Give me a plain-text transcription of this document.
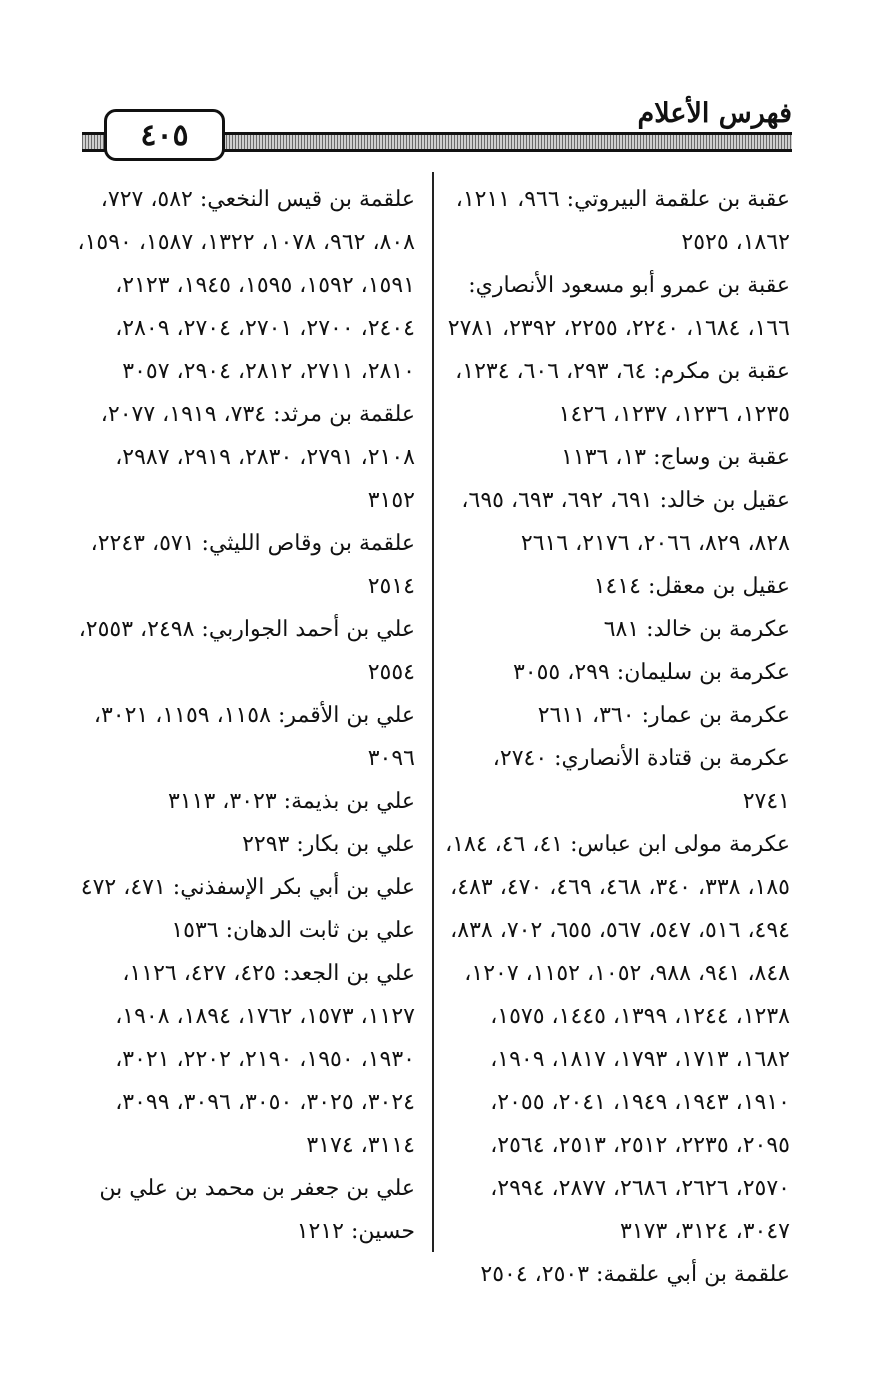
٤٠٥
فهرس الأعلام

عقبة بن علقمة البيروتي: ٩٦٦، ١٢١١، ١٨٦٢، ٢٥٢٥

عقبة بن عمرو أبو مسعود الأنصاري: ١٦٦، ١٦٨٤، ٢٢٤٠، ٢٢٥٥، ٢٣٩٢، ٢٧٨١

عقبة بن مكرم: ٦٤، ٢٩٣، ٦٠٦، ١٢٣٤، ١٢٣٥، ١٢٣٦، ١٢٣٧، ١٤٢٦

عقبة بن وساج: ١٣، ١١٣٦

عقيل بن خالد: ٦٩١، ٦٩٢، ٦٩٣، ٦٩٥، ٨٢٨، ٨٢٩، ٢٠٦٦، ٢١٧٦، ٢٦١٦

عقيل بن معقل: ١٤١٤

عكرمة بن خالد: ٦٨١

عكرمة بن سليمان: ٢٩٩، ٣٠٥٥

عكرمة بن عمار: ٣٦٠، ٢٦١١

عكرمة بن قتادة الأنصاري: ٢٧٤٠، ٢٧٤١

عكرمة مولى ابن عباس: ٤١، ٤٦، ١٨٤، ١٨٥، ٣٣٨، ٣٤٠، ٤٦٨، ٤٦٩، ٤٧٠، ٤٨٣، ٤٩٤، ٥١٦، ٥٤٧، ٥٦٧، ٦٥٥، ٧٠٢، ٨٣٨، ٨٤٨، ٩٤١، ٩٨٨، ١٠٥٢، ١١٥٢، ١٢٠٧، ١٢٣٨، ١٢٤٤، ١٣٩٩، ١٤٤٥، ١٥٧٥، ١٦٨٢، ١٧١٣، ١٧٩٣، ١٨١٧، ١٩٠٩، ١٩١٠، ١٩٤٣، ١٩٤٩، ٢٠٤١، ٢٠٥٥، ٢٠٩٥، ٢٢٣٥، ٢٥١٢، ٢٥١٣، ٢٥٦٤، ٢٥٧٠، ٢٦٢٦، ٢٦٨٦، ٢٨٧٧، ٢٩٩٤، ٣٠٤٧، ٣١٢٤، ٣١٧٣

علقمة بن أبي علقمة: ٢٥٠٣، ٢٥٠٤

علقمة بن قيس النخعي: ٥٨٢، ٧٢٧، ٨٠٨، ٩٦٢، ١٠٧٨، ١٣٢٢، ١٥٨٧، ١٥٩٠، ١٥٩١، ١٥٩٢، ١٥٩٥، ١٩٤٥، ٢١٢٣، ٢٤٠٤، ٢٧٠٠، ٢٧٠١، ٢٧٠٤، ٢٨٠٩، ٢٨١٠، ٢٧١١، ٢٨١٢، ٢٩٠٤، ٣٠٥٧

علقمة بن مرثد: ٧٣٤، ١٩١٩، ٢٠٧٧، ٢١٠٨، ٢٧٩١، ٢٨٣٠، ٢٩١٩، ٢٩٨٧، ٣١٥٢

علقمة بن وقاص الليثي: ٥٧١، ٢٢٤٣، ٢٥١٤

علي بن أحمد الجواربي: ٢٤٩٨، ٢٥٥٣، ٢٥٥٤

علي بن الأقمر: ١١٥٨، ١١٥٩، ٣٠٢١، ٣٠٩٦

علي بن بذيمة: ٣٠٢٣، ٣١١٣

علي بن بكار: ٢٢٩٣

علي بن أبي بكر الإسفذني: ٤٧١، ٤٧٢

علي بن ثابت الدهان: ١٥٣٦

علي بن الجعد: ٤٢٥، ٤٢٧، ١١٢٦، ١١٢٧، ١٥٧٣، ١٧٦٢، ١٨٩٤، ١٩٠٨، ١٩٣٠، ١٩٥٠، ٢١٩٠، ٢٢٠٢، ٣٠٢١، ٣٠٢٤، ٣٠٢٥، ٣٠٥٠، ٣٠٩٦، ٣٠٩٩، ٣١١٤، ٣١٧٤

علي بن جعفر بن محمد بن علي بن حسين: ١٢١٢
